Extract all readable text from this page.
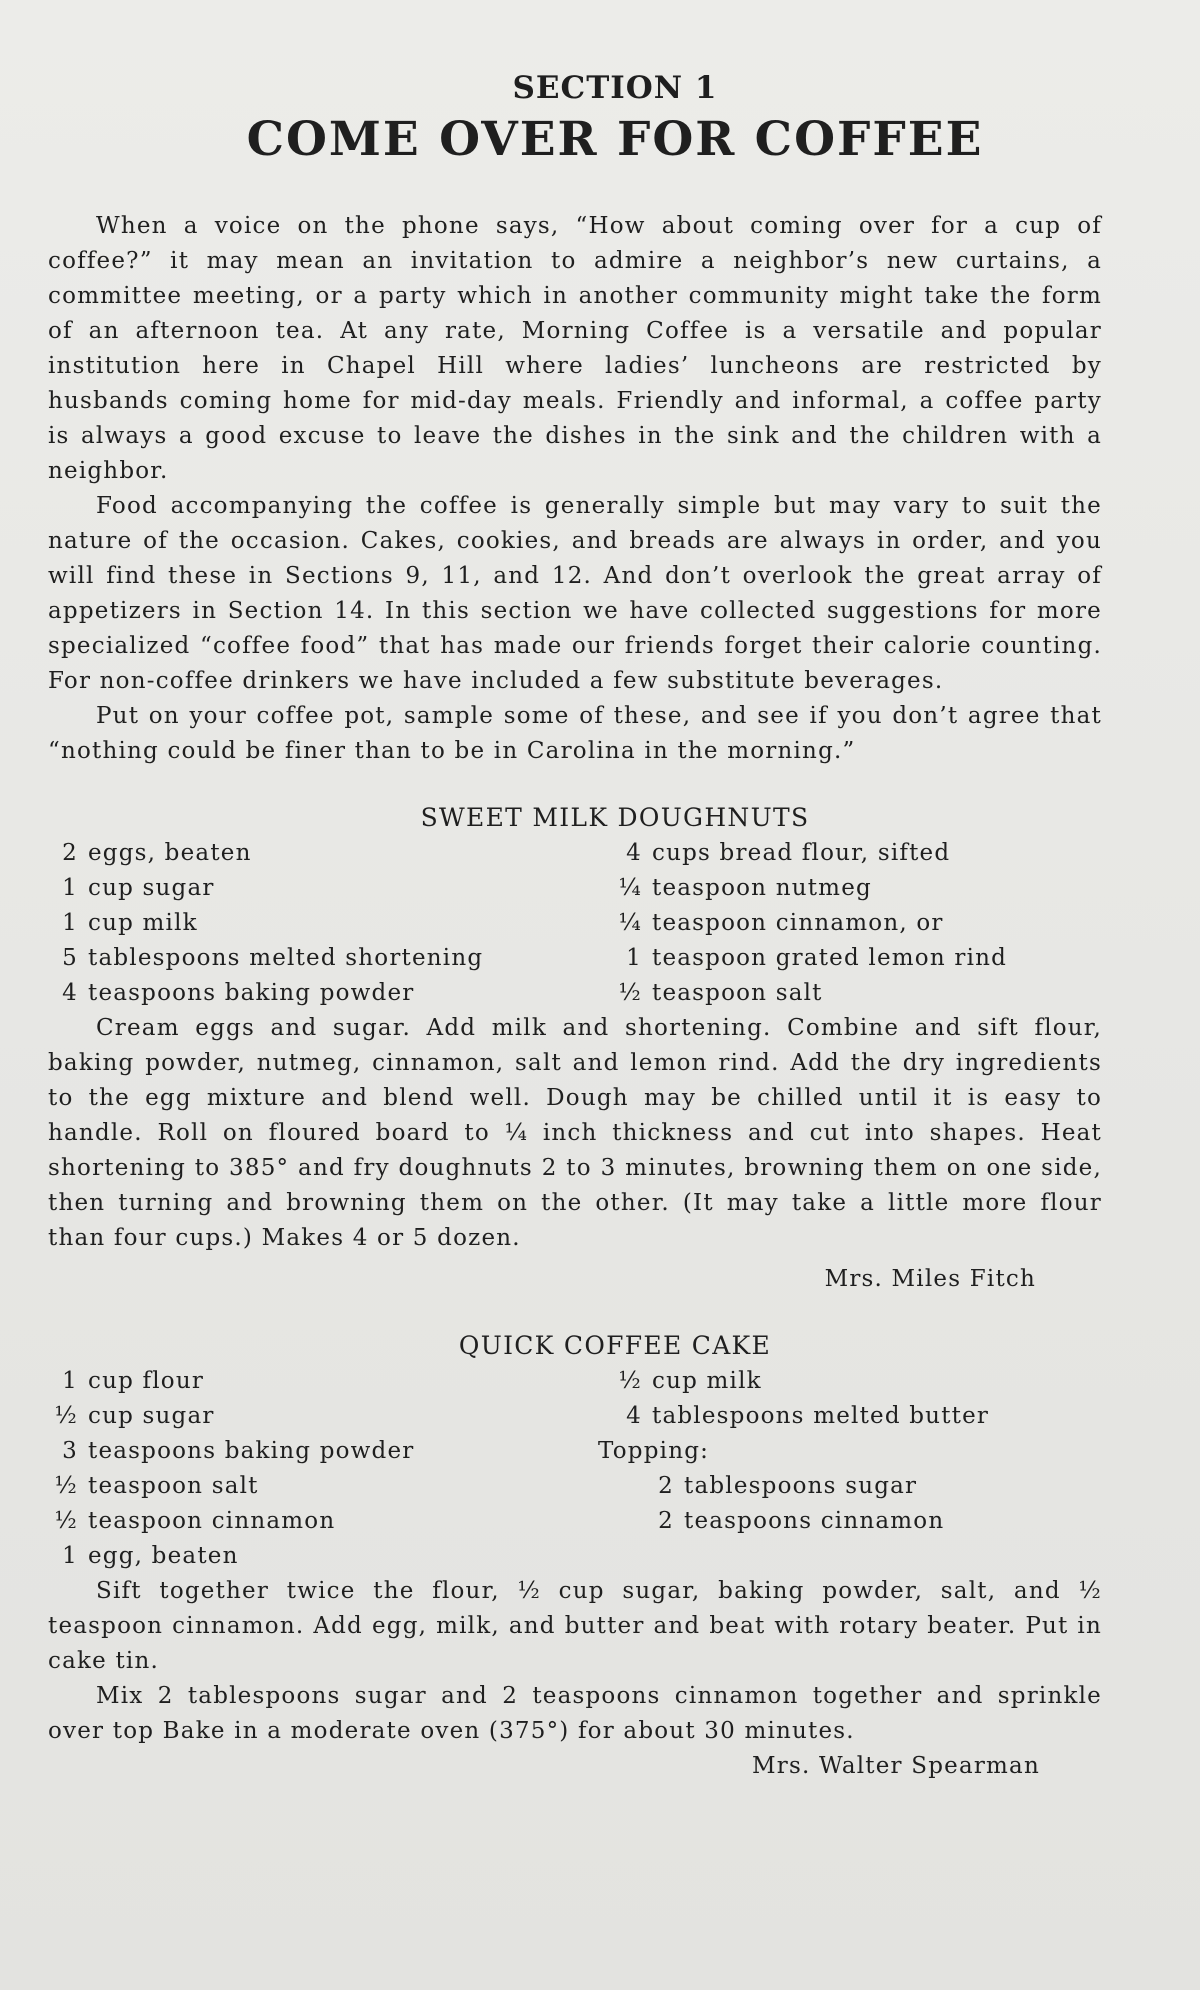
SECTION 1
COME OVER FOR COFFEE

When a voice on the phone says, “How about coming over for a cup of coffee?” it may mean an invitation to admire a neighbor’s new curtains, a committee meeting, or a party which in another community might take the form of an afternoon tea. At any rate, Morning Coffee is a versatile and popular institution here in Chapel Hill where ladies’ luncheons are restricted by husbands coming home for mid-day meals. Friendly and informal, a coffee party is always a good excuse to leave the dishes in the sink and the children with a neighbor.

Food accompanying the coffee is generally simple but may vary to suit the nature of the occasion. Cakes, cookies, and breads are always in order, and you will find these in Sections 9, 11, and 12. And don’t overlook the great array of appetizers in Section 14. In this section we have collected suggestions for more specialized “coffee food” that has made our friends forget their calorie counting. For non-coffee drinkers we have included a few substitute beverages.

Put on your coffee pot, sample some of these, and see if you don’t agree that “nothing could be finer than to be in Carolina in the morning.”

SWEET MILK DOUGHNUTS
2 eggs, beaten
1 cup sugar
1 cup milk
5 tablespoons melted shortening
4 teaspoons baking powder
4 cups bread flour, sifted
¼ teaspoon nutmeg
¼ teaspoon cinnamon, or
1 teaspoon grated lemon rind
½ teaspoon salt

Cream eggs and sugar. Add milk and shortening. Combine and sift flour, baking powder, nutmeg, cinnamon, salt and lemon rind. Add the dry ingredients to the egg mixture and blend well. Dough may be chilled until it is easy to handle. Roll on floured board to ¼ inch thickness and cut into shapes. Heat shortening to 385° and fry doughnuts 2 to 3 minutes, browning them on one side, then turning and browning them on the other. (It may take a little more flour than four cups.) Makes 4 or 5 dozen.

Mrs. Miles Fitch
QUICK COFFEE CAKE
1 cup flour
½ cup sugar
3 teaspoons baking powder
½ teaspoon salt
½ teaspoon cinnamon
1 egg, beaten
½ cup milk
4 tablespoons melted butter
Topping:
2 tablespoons sugar
2 teaspoons cinnamon

Sift together twice the flour, ½ cup sugar, baking powder, salt, and ½ teaspoon cinnamon. Add egg, milk, and butter and beat with rotary beater. Put in cake tin.

Mix 2 tablespoons sugar and 2 teaspoons cinnamon together and sprinkle over top Bake in a moderate oven (375°) for about 30 minutes.

Mrs. Walter Spearman
